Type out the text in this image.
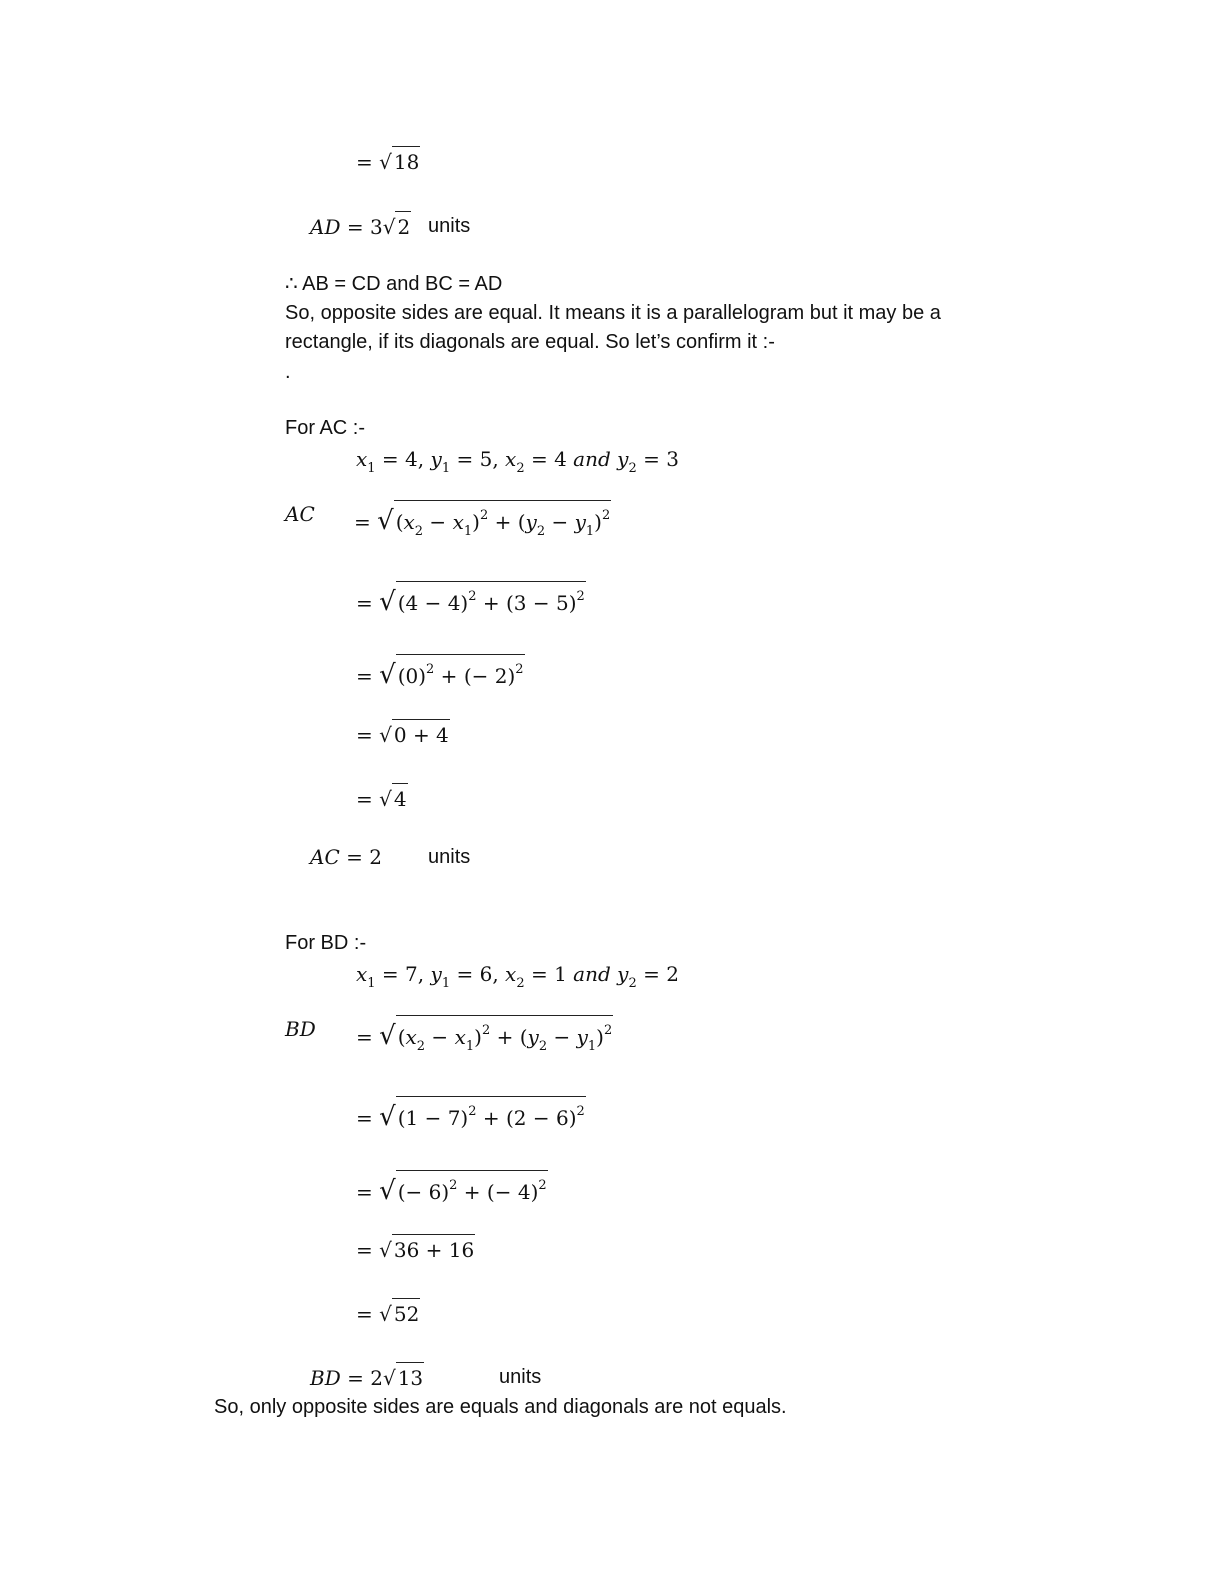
= √ 18
AD = 3√ 2 units
∴ AB = CD and BC = AD
So, opposite sides are equal. It means it is a parallelogram but it may be a
rectangle, if its diagonals are equal. So let’s confirm it :-
.
For AC :-
$x_1 = 4$, $y_1 = 5$, $x_2 = 4$ and $y_2 = 3$
AC = √ $(x_2 - x_1)^2 + (y_2 - y_1)^2$
= √ $(4 - 4)^2 + (3 - 5)^2$
= √ $(0)^2$ + (− 2)$^2$
= √ 0 + 4
= √ 4
AC = 2 units
For BD :-
$x_1 = 7$, $y_1 = 6$, $x_2 = 1$ and $y_2 = 2$
BD = √ $(x_2 - x_1)^2 + (y_2 - y_1)^2$
= √ $(1 - 7)^2 + (2 - 6)^2$
= √ (− 6)$^2$ + (− 4)$^2$
= √ 36 + 16
= √ 52
BD = 2√ 13	units
So, only opposite sides are equals and diagonals are not equals.
